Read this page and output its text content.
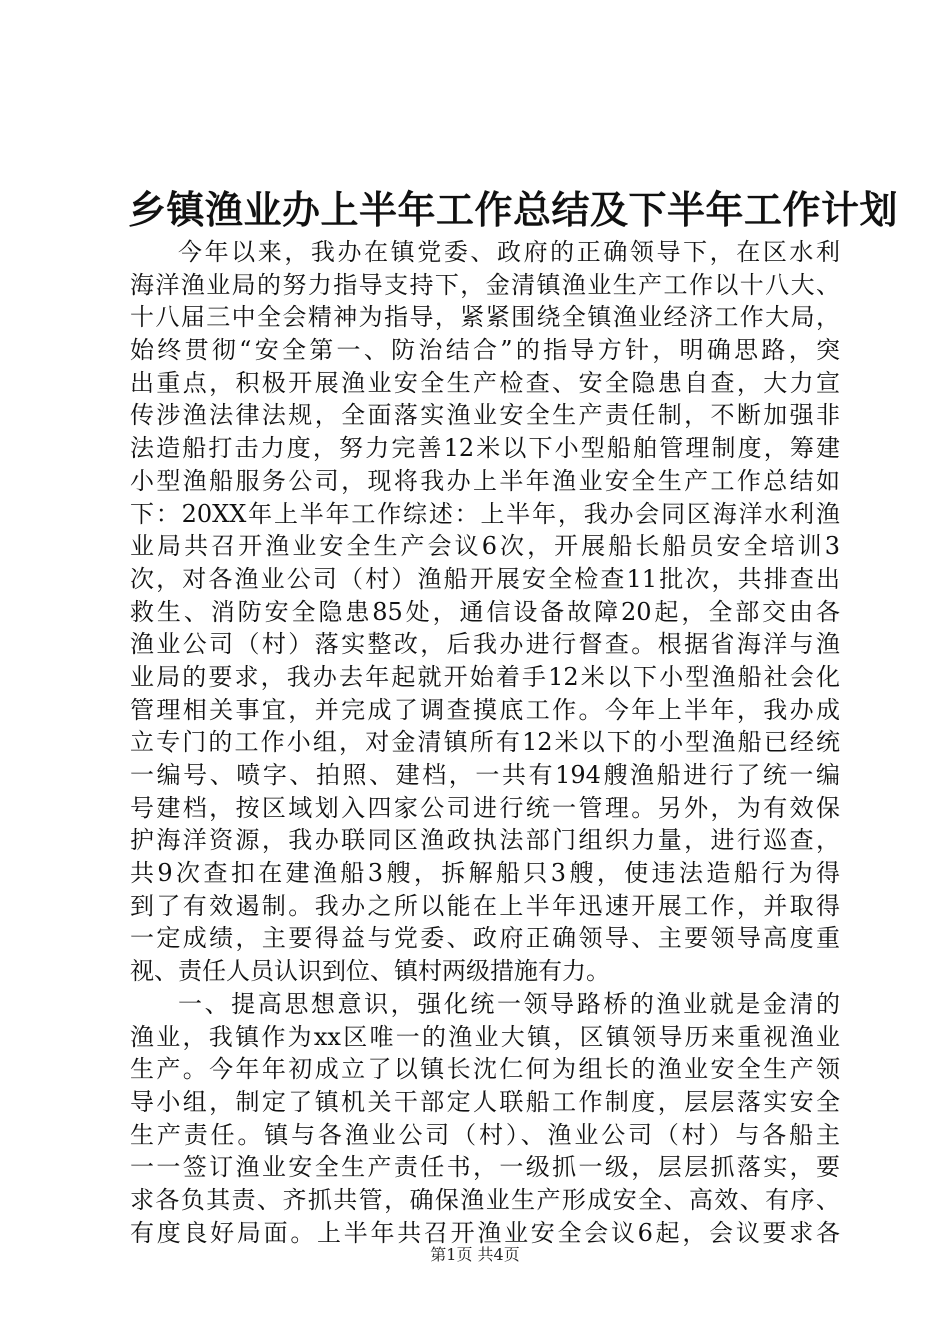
乡镇渔业办上半年工作总结及下半年工作计划
今年以来，我办在镇党委、政府的正确领导下，在区水利
海洋渔业局的努力指导支持下，金清镇渔业生产工作以十八大、
十八届三中全会精神为指导，紧紧围绕全镇渔业经济工作大局，
始终贯彻“安全第一、防治结合”的指导方针，明确思路，突
出重点，积极开展渔业安全生产检查、安全隐患自查，大力宣
传涉渔法律法规，全面落实渔业安全生产责任制，不断加强非
法造船打击力度，努力完善12米以下小型船舶管理制度，筹建
小型渔船服务公司，现将我办上半年渔业安全生产工作总结如
下：20XX年上半年工作综述：上半年，我办会同区海洋水利渔
业局共召开渔业安全生产会议6次，开展船长船员安全培训3
次，对各渔业公司（村）渔船开展安全检查11批次，共排查出
救生、消防安全隐患85处，通信设备故障20起，全部交由各
渔业公司（村）落实整改，后我办进行督查。根据省海洋与渔
业局的要求，我办去年起就开始着手12米以下小型渔船社会化
管理相关事宜，并完成了调查摸底工作。今年上半年，我办成
立专门的工作小组，对金清镇所有12米以下的小型渔船已经统
一编号、喷字、拍照、建档，一共有194艘渔船进行了统一编
号建档，按区域划入四家公司进行统一管理。另外，为有效保
护海洋资源，我办联同区渔政执法部门组织力量，进行巡查，
共9次查扣在建渔船3艘，拆解船只3艘，使违法造船行为得
到了有效遏制。我办之所以能在上半年迅速开展工作，并取得
一定成绩，主要得益与党委、政府正确领导、主要领导高度重
视、责任人员认识到位、镇村两级措施有力。
一、提高思想意识，强化统一领导路桥的渔业就是金清的
渔业，我镇作为xx区唯一的渔业大镇，区镇领导历来重视渔业
生产。今年年初成立了以镇长沈仁何为组长的渔业安全生产领
导小组，制定了镇机关干部定人联船工作制度，层层落实安全
生产责任。镇与各渔业公司（村）、渔业公司（村）与各船主
一一签订渔业安全生产责任书，一级抓一级，层层抓落实，要
求各负其责、齐抓共管，确保渔业生产形成安全、高效、有序、
有度良好局面。上半年共召开渔业安全会议6起，会议要求各
第1页 共4页
